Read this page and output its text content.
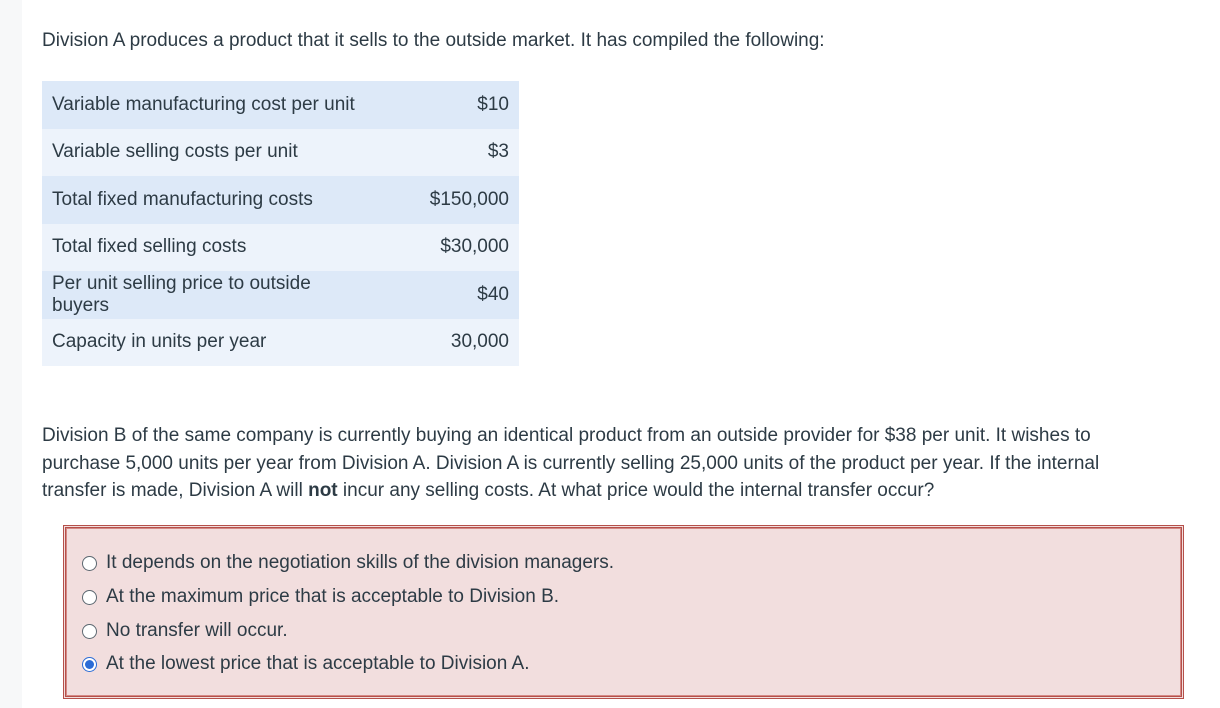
Division A produces a product that it sells to the outside market. It has compiled the following:

Variable manufacturing cost per unit	$10
Variable selling costs per unit	$3
Total fixed manufacturing costs	$150,000
Total fixed selling costs	$30,000
Per unit selling price to outside buyers	$40
Capacity in units per year	30,000

Division B of the same company is currently buying an identical product from an outside provider for $38 per unit. It wishes to purchase 5,000 units per year from Division A. Division A is currently selling 25,000 units of the product per year. If the internal transfer is made, Division A will not incur any selling costs. At what price would the internal transfer occur?

It depends on the negotiation skills of the division managers.
At the maximum price that is acceptable to Division B.
No transfer will occur.
At the lowest price that is acceptable to Division A.
